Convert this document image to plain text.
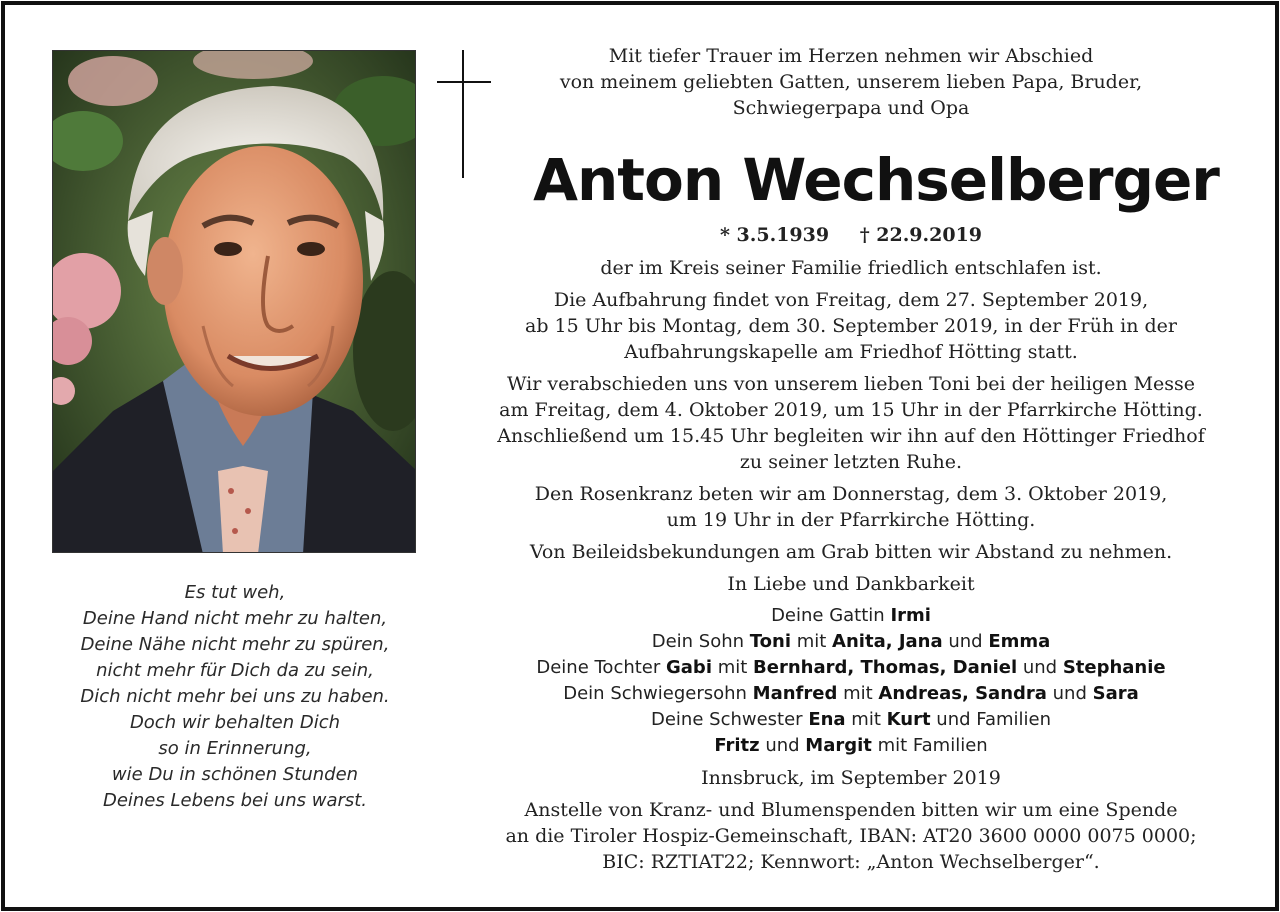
Es tut weh,
Deine Hand nicht mehr zu halten,
Deine Nähe nicht mehr zu spüren,
nicht mehr für Dich da zu sein,
Dich nicht mehr bei uns zu haben.
Doch wir behalten Dich
so in Erinnerung,
wie Du in schönen Stunden
Deines Lebens bei uns warst.
Mit tiefer Trauer im Herzen nehmen wir Abschied
von meinem geliebten Gatten, unserem lieben Papa, Bruder,
Schwiegerpapa und Opa
Anton Wechselberger
* 3.5.1939 † 22.9.2019
der im Kreis seiner Familie friedlich entschlafen ist.
Die Aufbahrung findet von Freitag, dem 27. September 2019,
ab 15 Uhr bis Montag, dem 30. September 2019, in der Früh in der
Aufbahrungskapelle am Friedhof Hötting statt.
Wir verabschieden uns von unserem lieben Toni bei der heiligen Messe
am Freitag, dem 4. Oktober 2019, um 15 Uhr in der Pfarrkirche Hötting.
Anschließend um 15.45 Uhr begleiten wir ihn auf den Höttinger Friedhof
zu seiner letzten Ruhe.
Den Rosenkranz beten wir am Donnerstag, dem 3. Oktober 2019,
um 19 Uhr in der Pfarrkirche Hötting.
Von Beileidsbekundungen am Grab bitten wir Abstand zu nehmen.
In Liebe und Dankbarkeit
Deine Gattin Irmi
Dein Sohn Toni mit Anita, Jana und Emma
Deine Tochter Gabi mit Bernhard, Thomas, Daniel und Stephanie
Dein Schwiegersohn Manfred mit Andreas, Sandra und Sara
Deine Schwester Ena mit Kurt und Familien
Fritz und Margit mit Familien
Innsbruck, im September 2019
Anstelle von Kranz- und Blumenspenden bitten wir um eine Spende
an die Tiroler Hospiz-Gemeinschaft, IBAN: AT20 3600 0000 0075 0000;
BIC: RZTIAT22; Kennwort: „Anton Wechselberger“.
